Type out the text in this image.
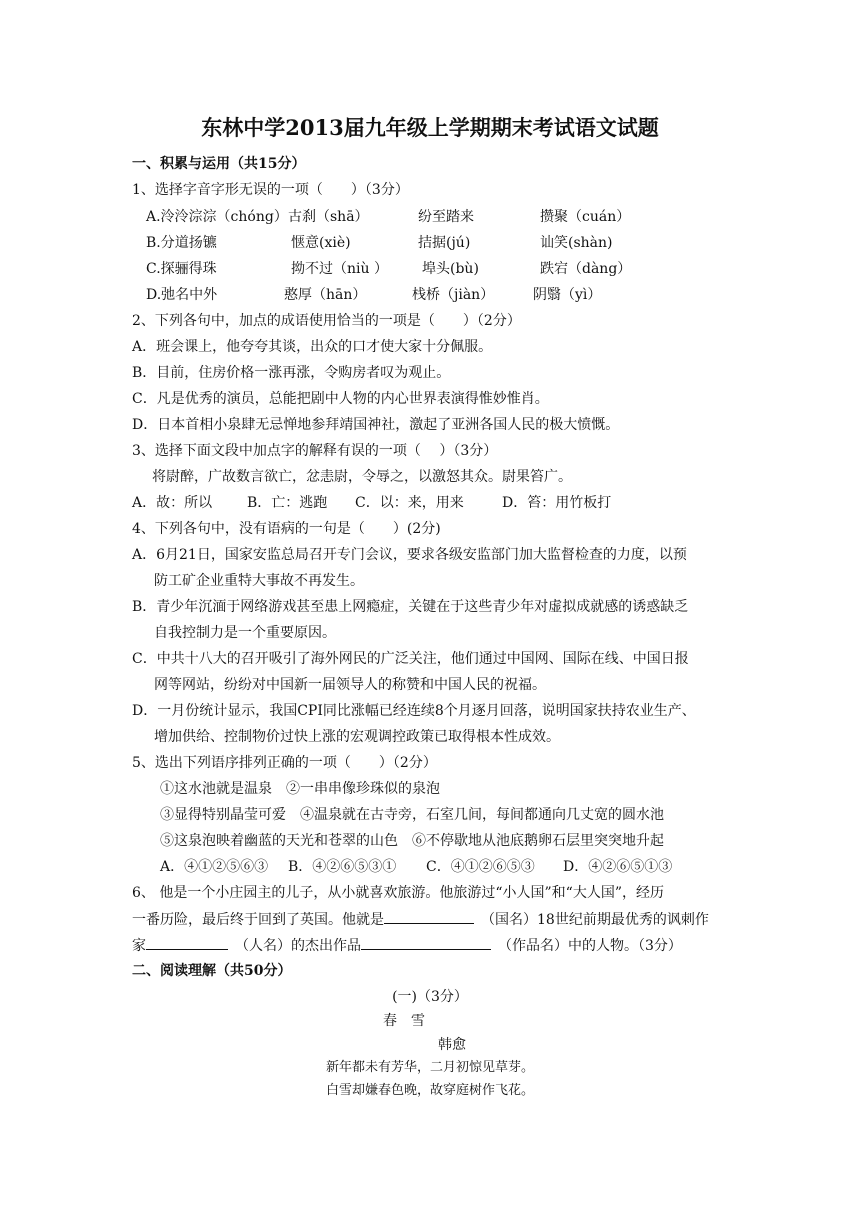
东林中学2013届九年级上学期期末考试语文试题
一、积累与运用（共15分）
1、选择字音字形无误的一项（　　）（3分）
A.泠泠淙淙（chóng） 古刹（shā）	纷至踏来	攒聚（cuán）
B.分道扬镳	惬意(xiè)	拮据(jú)	讪笑(shàn)
C.探骊得珠	拗不过（niù ） 埠头(bù)	跌宕（dàng）
D.弛名中外	憨厚（hān）	栈桥（jiàn）	阴翳（yì）
2、下列各句中，加点的成语使用恰当的一项是（　　）（2分）
A．班会课上，他夸夸其谈，出众的口才使大家十分佩服。
B．目前，住房价格一涨再涨，令购房者叹为观止。
C．凡是优秀的演员，总能把剧中人物的内心世界表演得惟妙惟肖。
D．日本首相小泉肆无忌惮地参拜靖国神社，激起了亚洲各国人民的极大愤慨。
3、选择下面文段中加点字的解释有误的一项（　 ）（3分）
将尉醉，广故数言欲亡，忿恚尉，令辱之，以激怒其众。尉果笞广。
A．故：所以 B．亡：逃跑 C．以：来，用来	D．笞：用竹板打
4、下列各句中，没有语病的一句是（　　）(2分)
A．6月21日，国家安监总局召开专门会议，要求各级安监部门加大监督检查的力度，以预
防工矿企业重特大事故不再发生。
B．青少年沉湎于网络游戏甚至患上网瘾症，关键在于这些青少年对虚拟成就感的诱惑缺乏
自我控制力是一个重要原因。
C．中共十八大的召开吸引了海外网民的广泛关注，他们通过中国网、国际在线、中国日报
网等网站，纷纷对中国新一届领导人的称赞和中国人民的祝福。
D．一月份统计显示，我国CPI同比涨幅已经连续8个月逐月回落，说明国家扶持农业生产、
增加供给、控制物价过快上涨的宏观调控政策已取得根本性成效。
5、选出下列语序排列正确的一项（　　）（2分）
①这水池就是温泉　②一串串像珍珠似的泉泡
③显得特别晶莹可爱　④温泉就在古寺旁，石室几间，每间都通向几丈宽的圆水池
⑤这泉泡映着幽蓝的天光和苍翠的山色　⑥不停歇地从池底鹅卵石层里突突地升起
A．④①②⑤⑥③ B．④②⑥⑤③① C．④①②⑥⑤③ D．④②⑥⑤①③
6、 他是一个小庄园主的儿子，从小就喜欢旅游。他旅游过“小人国”和“大人国”，经历
一番历险，最后终于回到了英国。他就是　	（国名）18世纪前期最优秀的讽刺作
家　	（人名）的杰出作品　	（作品名）中的人物。（3分）
二、阅读理解（共50分）
(一)（3分）
春　雪
韩愈
新年都未有芳华，二月初惊见草芽。
白雪却嫌春色晚，故穿庭树作飞花。
